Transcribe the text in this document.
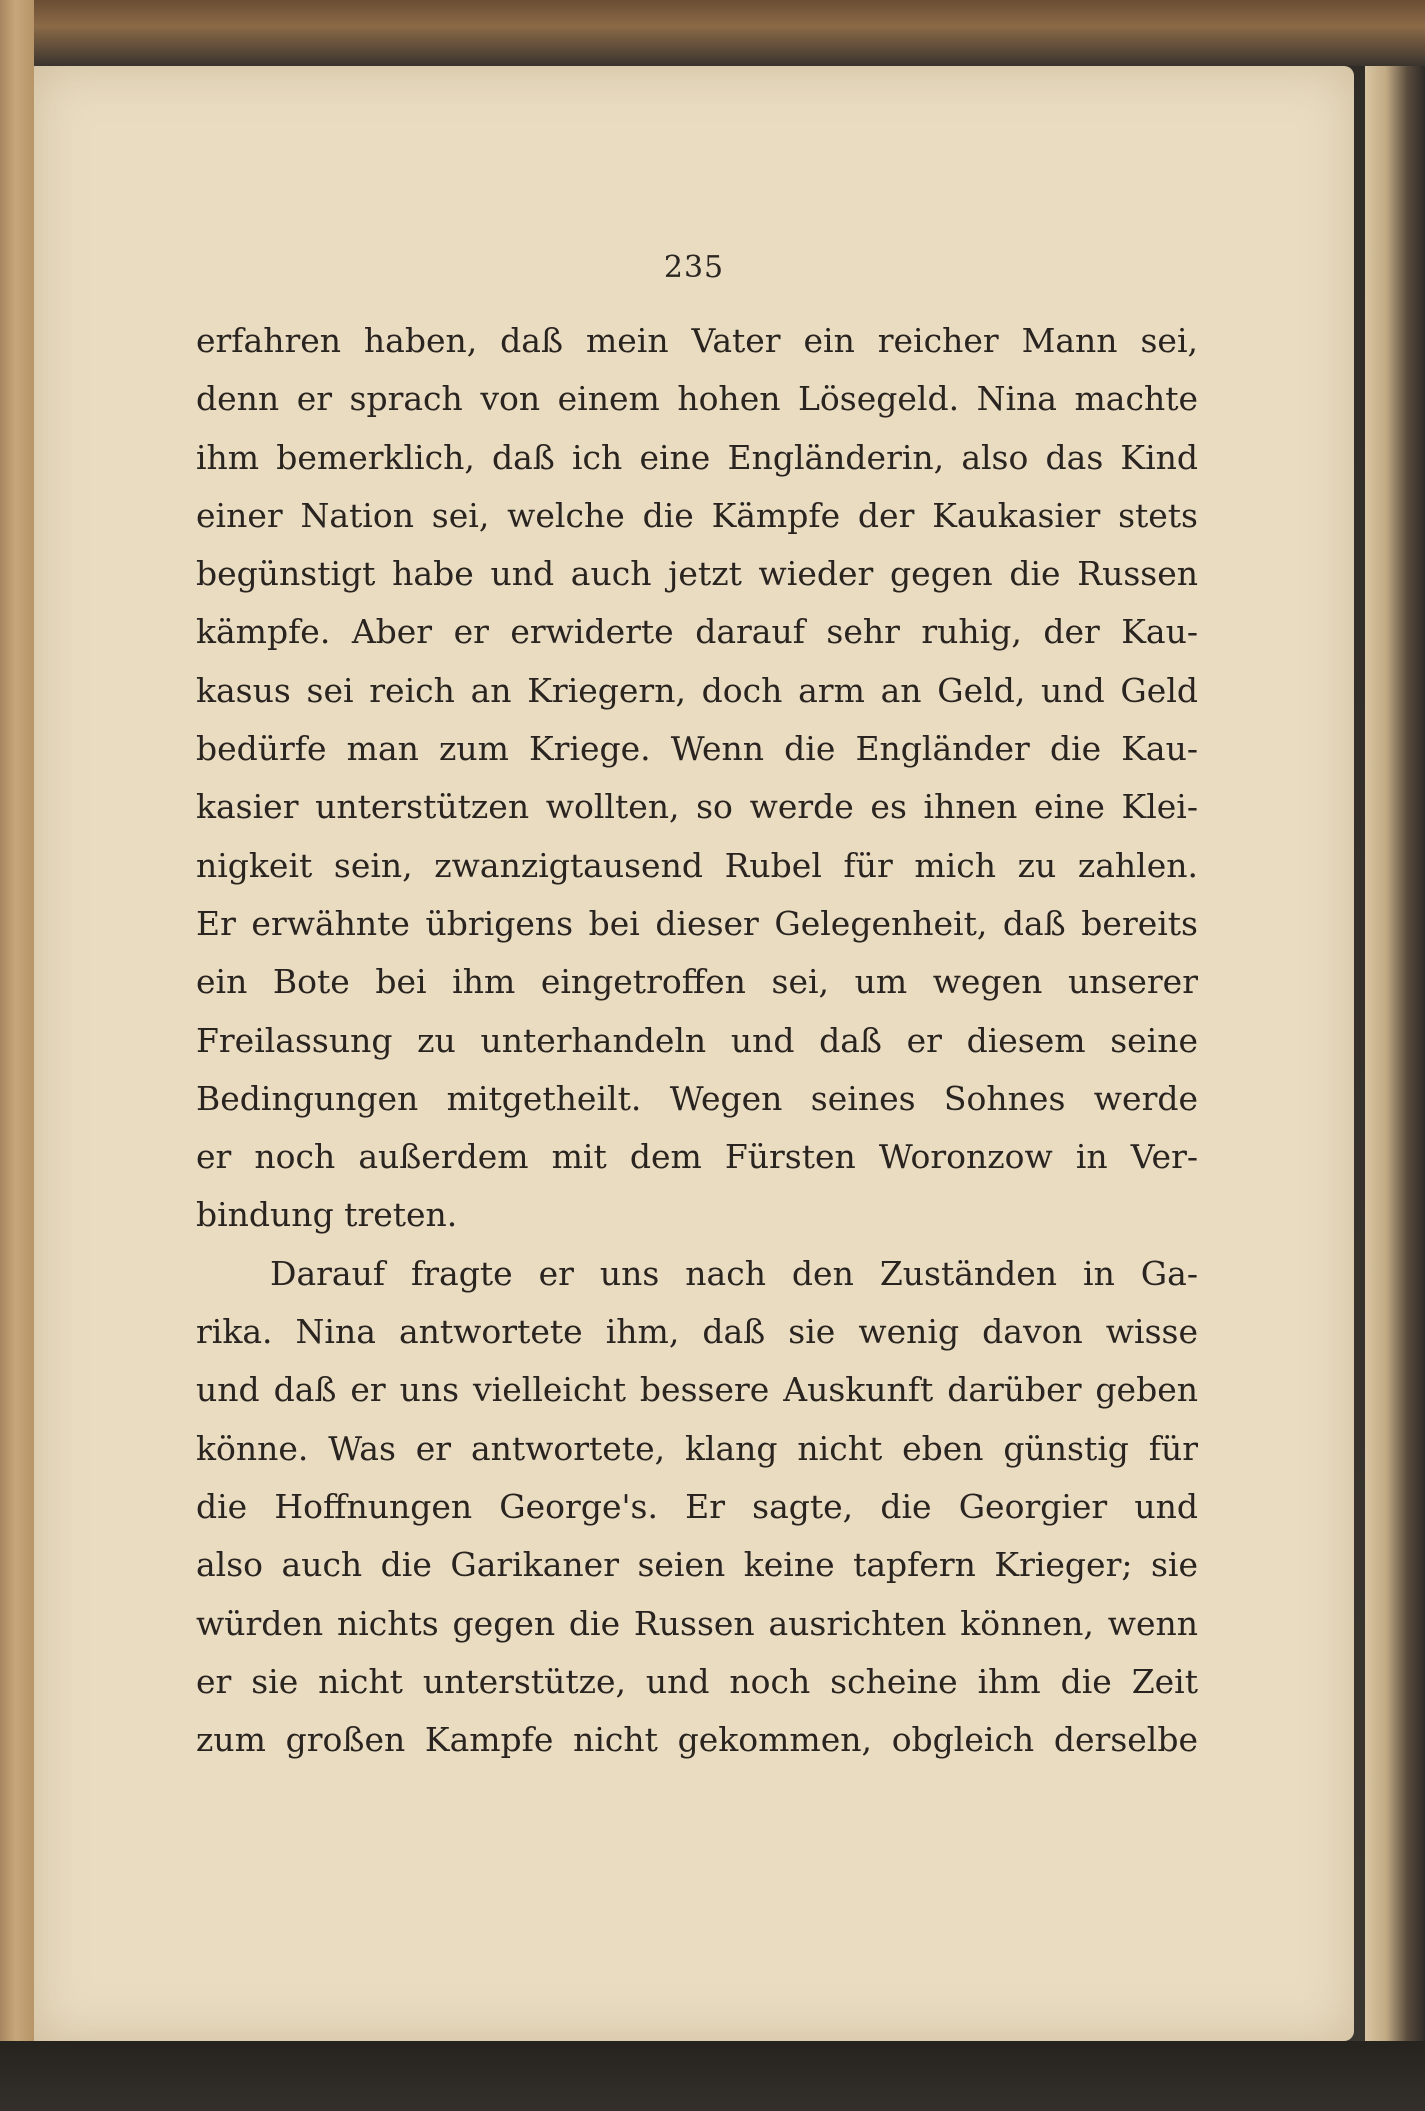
235
erfahren haben, daß mein Vater ein reicher Mann sei,
denn er sprach von einem hohen Lösegeld. Nina machte
ihm bemerklich, daß ich eine Engländerin, also das Kind
einer Nation sei, welche die Kämpfe der Kaukasier stets
begünstigt habe und auch jetzt wieder gegen die Russen
kämpfe. Aber er erwiderte darauf sehr ruhig, der Kau-
kasus sei reich an Kriegern, doch arm an Geld, und Geld
bedürfe man zum Kriege. Wenn die Engländer die Kau-
kasier unterstützen wollten, so werde es ihnen eine Klei-
nigkeit sein, zwanzigtausend Rubel für mich zu zahlen.
Er erwähnte übrigens bei dieser Gelegenheit, daß bereits
ein Bote bei ihm eingetroffen sei, um wegen unserer
Freilassung zu unterhandeln und daß er diesem seine
Bedingungen mitgetheilt. Wegen seines Sohnes werde
er noch außerdem mit dem Fürsten Woronzow in Ver-
bindung treten.
Darauf fragte er uns nach den Zuständen in Ga-
rika. Nina antwortete ihm, daß sie wenig davon wisse
und daß er uns vielleicht bessere Auskunft darüber geben
könne. Was er antwortete, klang nicht eben günstig für
die Hoffnungen George's. Er sagte, die Georgier und
also auch die Garikaner seien keine tapfern Krieger; sie
würden nichts gegen die Russen ausrichten können, wenn
er sie nicht unterstütze, und noch scheine ihm die Zeit
zum großen Kampfe nicht gekommen, obgleich derselbe
